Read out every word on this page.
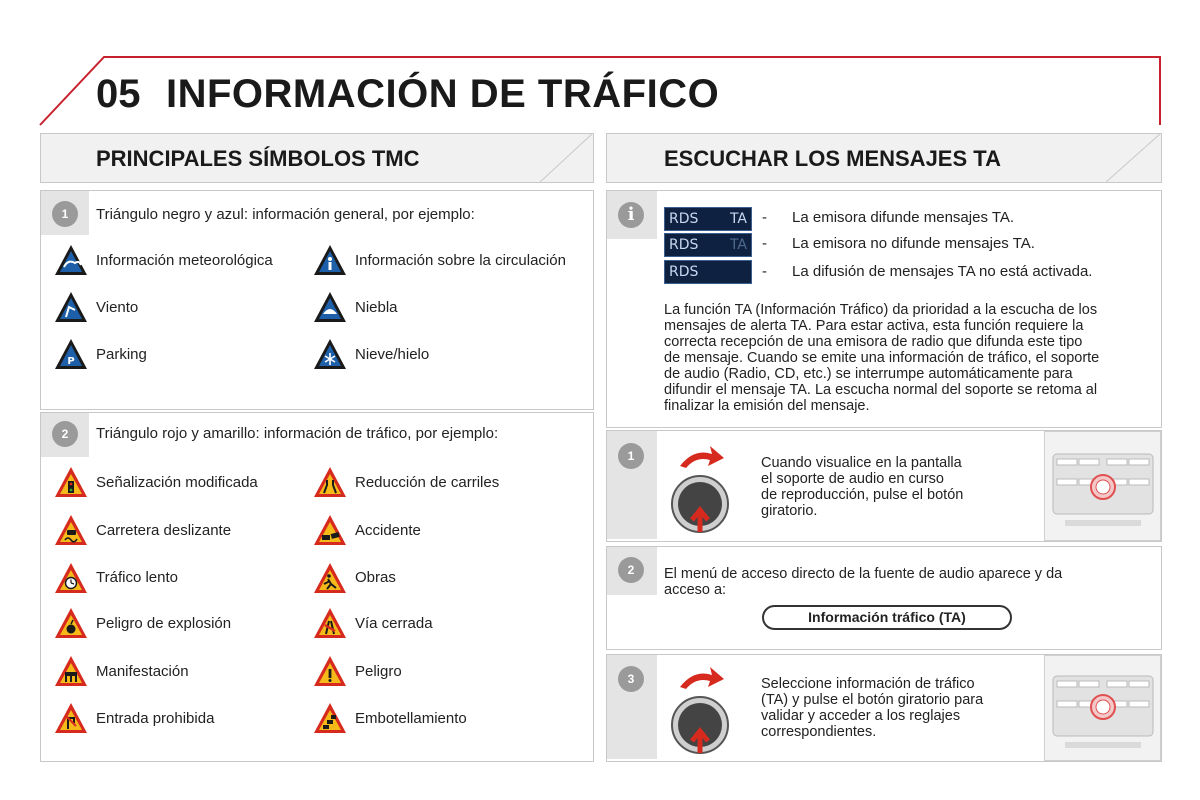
05 INFORMACIÓN DE TRÁFICO
PRINCIPALES SÍMBOLOS TMC
1	Triángulo negro y azul: información general, por ejemplo:
Información meteorológica	Información sobre la circulación
Viento	Niebla
P Parking	Nieve/hielo
2	Triángulo rojo y amarillo: información de tráfico, por ejemplo:
Señalización modificada	Reducción de carriles
Carretera deslizante	Accidente
Tráfico lento	Obras
Peligro de explosión	Vía cerrada
Manifestación	Peligro
Entrada prohibida	Embotellamiento
ESCUCHAR LOS MENSAJES TA
i	RDS TA - La emisora difunde mensajes TA.
RDS TA - La emisora no difunde mensajes TA.
RDS	- La difusión de mensajes TA no está activada.
La función TA (Información Tráfico) da prioridad a la escucha de los
mensajes de alerta TA. Para estar activa, esta función requiere la
correcta recepción de una emisora de radio que difunda este tipo
de mensaje. Cuando se emite una información de tráfico, el soporte
de audio (Radio, CD, etc.) se interrumpe automáticamente para
difundir el mensaje TA. La escucha normal del soporte se retoma al
finalizar la emisión del mensaje.
1	Cuando visualice en la pantalla
el soporte de audio en curso
de reproducción, pulse el botón
giratorio.
2	El menú de acceso directo de la fuente de audio aparece y da
acceso a:
Información tráfico (TA)
3	Seleccione información de tráfico
(TA) y pulse el botón giratorio para
validar y acceder a los reglajes
correspondientes.
